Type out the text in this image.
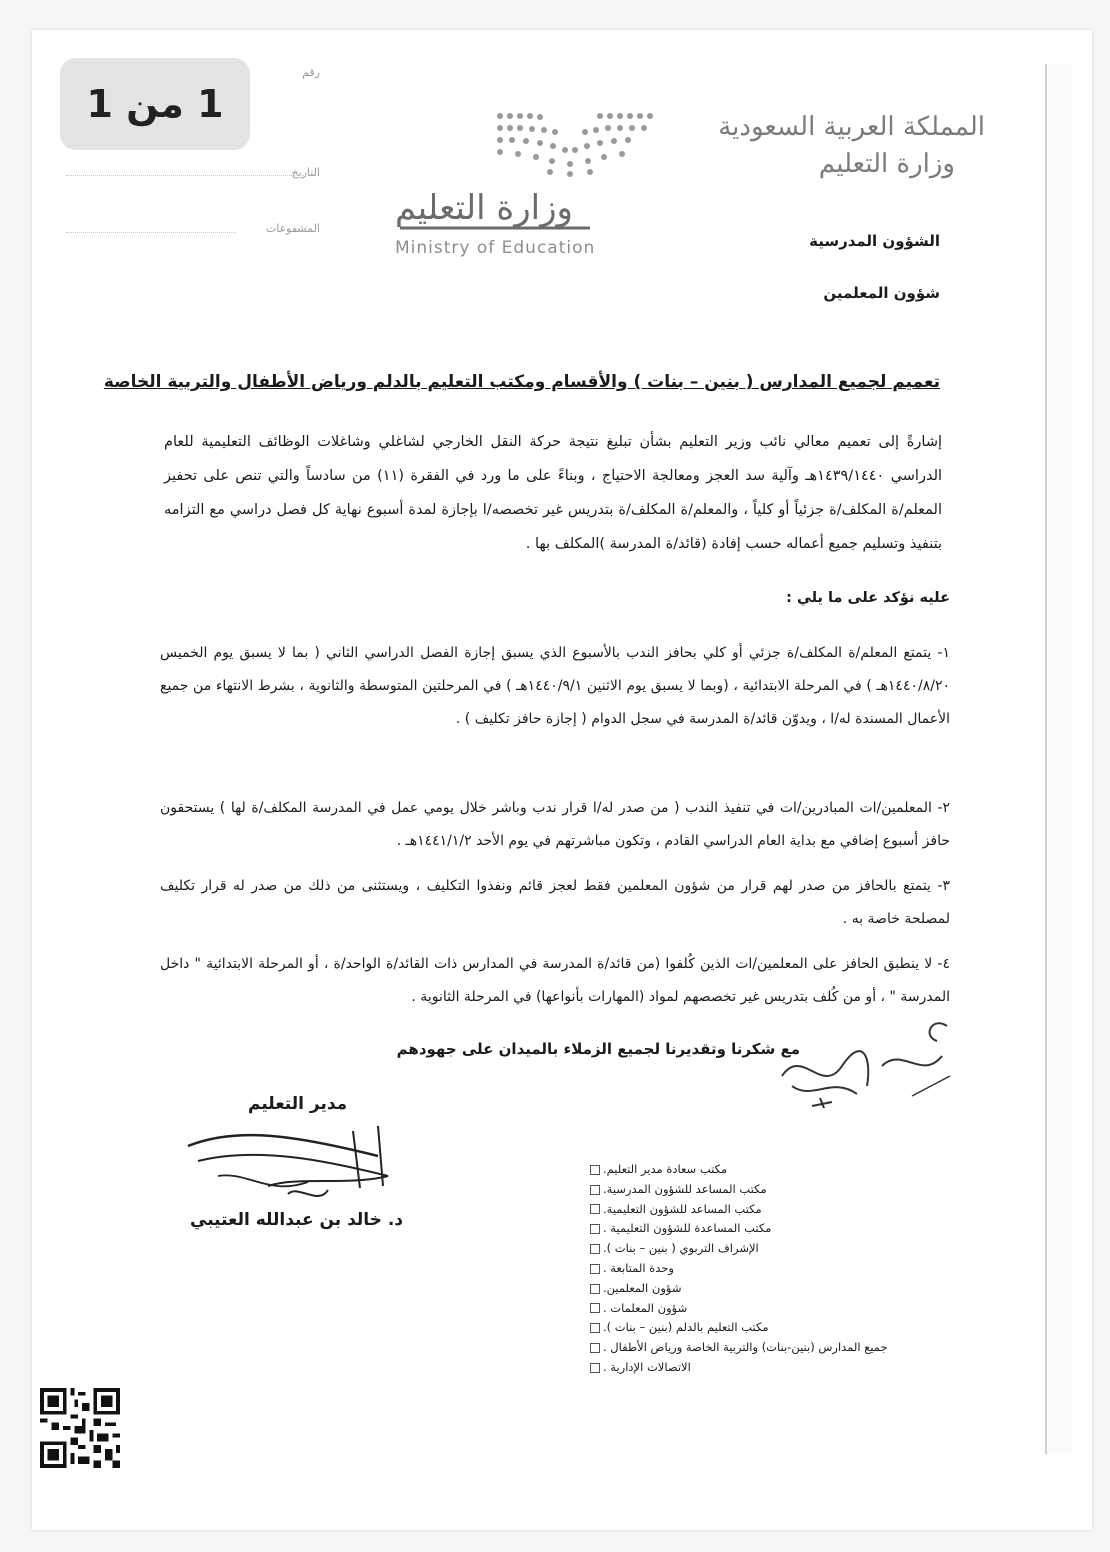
1 من 1
رقم
التاريخ
المشفوعات
المملكة العربية السعودية
وزارة التعليم
الشؤون المدرسية
شؤون المعلمين
وزارة التعليم
Ministry of Education
تعميم لجميع المدارس ( بنين – بنات ) والأقسام ومكتب التعليم بالدلم ورياض الأطفال والتربية الخاصة
إشارةً إلى تعميم معالي نائب وزير التعليم بشأن تبليغ نتيجة حركة النقل الخارجي لشاغلي وشاغلات الوظائف التعليمية للعام الدراسي ١٤٣٩/١٤٤٠هـ وآلية سد العجز ومعالجة الاحتياج ، وبناءً على ما ورد في الفقرة (١١) من سادساً والتي تنص على تحفيز المعلم/ة المكلف/ة جزئياً أو كلياً ، والمعلم/ة المكلف/ة بتدريس غير تخصصه/ا بإجازة لمدة أسبوع نهاية كل فصل دراسي مع التزامه بتنفيذ وتسليم جميع أعماله حسب إفادة (قائد/ة المدرسة )المكلف بها .
عليه نؤكد على ما يلي :
١- يتمتع المعلم/ة المكلف/ة جزئي أو كلي بحافز الندب بالأسبوع الذي يسبق إجازة الفصل الدراسي الثاني ( بما لا يسبق يوم الخميس ١٤٤٠/٨/٢٠هـ ) في المرحلة الابتدائية ، (وبما لا يسبق يوم الاثنين ١٤٤٠/٩/١هـ ) في المرحلتين المتوسطة والثانوية ، بشرط الانتهاء من جميع الأعمال المسندة له/ا ، ويدوّن قائد/ة المدرسة في سجل الدوام ( إجازة حافز تكليف ) .
٢- المعلمين/ات المبادرين/ات في تنفيذ الندب ( من صدر له/ا قرار ندب وباشر خلال يومي عمل في المدرسة المكلف/ة لها ) يستحقون حافز أسبوع إضافي مع بداية العام الدراسي القادم ، وتكون مباشرتهم في يوم الأحد ١٤٤١/١/٢هـ .
٣- يتمتع بالحافز من صدر لهم قرار من شؤون المعلمين فقط لعجز قائم ونفذوا التكليف ، ويستثنى من ذلك من صدر له قرار تكليف لمصلحة خاصة به .
٤- لا ينطبق الحافز على المعلمين/ات الذين كُلفوا (من قائد/ة المدرسة في المدارس ذات القائد/ة الواحد/ة ، أو المرحلة الابتدائية " داخل المدرسة " ، أو من كُلف بتدريس غير تخصصهم لمواد (المهارات بأنواعها) في المرحلة الثانوية .
مع شكرنا وتقديرنا لجميع الزملاء بالميدان على جهودهم
مدير التعليم
د. خالد بن عبدالله العتيبي
مكتب سعادة مدير التعليم.
مكتب المساعد للشؤون المدرسية.
مكتب المساعد للشؤون التعليمية.
مكتب المساعدة للشؤون التعليمية .
الإشراف التربوي ( بنين – بنات ).
وحدة المتابعة .
شؤون المعلمين.
شؤون المعلمات .
مكتب التعليم بالدلم (بنين – بنات ).
جميع المدارس (بنين-بنات) والتربية الخاصة ورياض الأطفال .
الاتصالات الإدارية .
